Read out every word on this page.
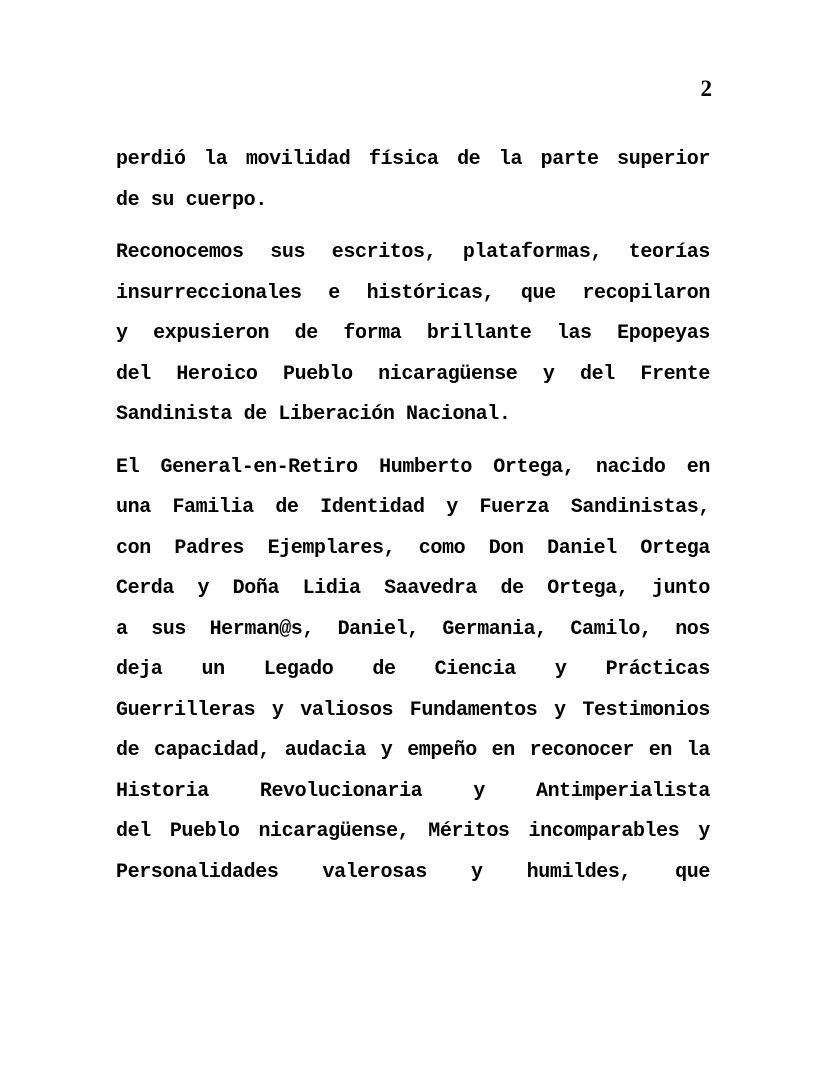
2
perdió la movilidad física de la parte superior
de su cuerpo.
Reconocemos sus escritos, plataformas, teorías
insurreccionales e históricas, que recopilaron
y expusieron de forma brillante las Epopeyas
del Heroico Pueblo nicaragüense y del Frente
Sandinista de Liberación Nacional.
El General-en-Retiro Humberto Ortega, nacido en
una Familia de Identidad y Fuerza Sandinistas,
con Padres Ejemplares, como Don Daniel Ortega
Cerda y Doña Lidia Saavedra de Ortega, junto
a sus Herman@s, Daniel, Germania, Camilo, nos
deja un Legado de Ciencia y Prácticas
Guerrilleras y valiosos Fundamentos y Testimonios
de capacidad, audacia y empeño en reconocer en la
Historia Revolucionaria y Antimperialista
del Pueblo nicaragüense, Méritos incomparables y
Personalidades valerosas y humildes, que
